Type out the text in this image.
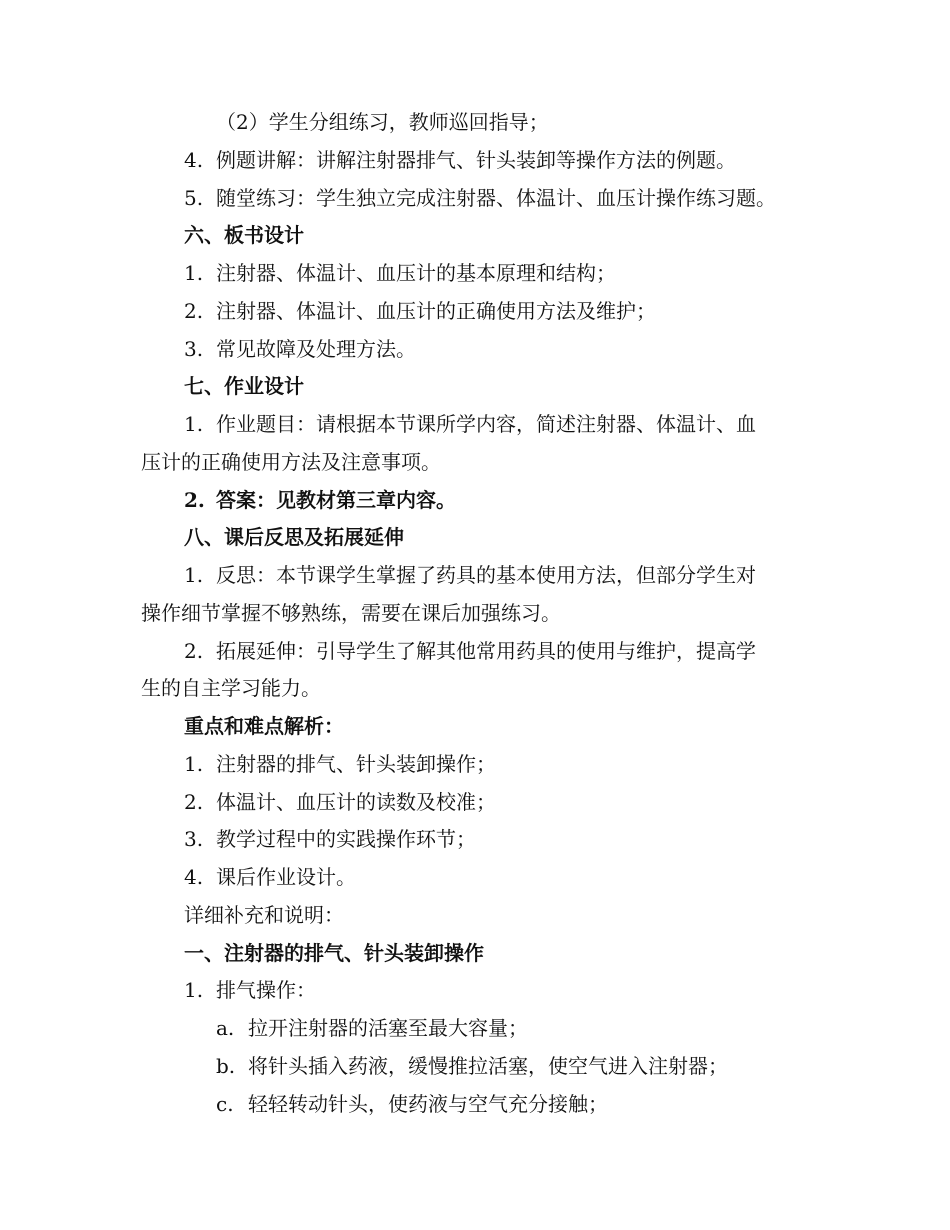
（2）学生分组练习，教师巡回指导；
4. 例题讲解：讲解注射器排气、针头装卸等操作方法的例题。
5. 随堂练习：学生独立完成注射器、体温计、血压计操作练习题。
六、板书设计
1. 注射器、体温计、血压计的基本原理和结构；
2. 注射器、体温计、血压计的正确使用方法及维护；
3. 常见故障及处理方法。
七、作业设计
1. 作业题目：请根据本节课所学内容，简述注射器、体温计、血
压计的正确使用方法及注意事项。
2. 答案：见教材第三章内容。
八、课后反思及拓展延伸
1. 反思：本节课学生掌握了药具的基本使用方法，但部分学生对
操作细节掌握不够熟练，需要在课后加强练习。
2. 拓展延伸：引导学生了解其他常用药具的使用与维护，提高学
生的自主学习能力。
重点和难点解析：
1. 注射器的排气、针头装卸操作；
2. 体温计、血压计的读数及校准；
3. 教学过程中的实践操作环节；
4. 课后作业设计。
详细补充和说明：
一、注射器的排气、针头装卸操作
1. 排气操作：
a. 拉开注射器的活塞至最大容量；
b. 将针头插入药液，缓慢推拉活塞，使空气进入注射器；
c. 轻轻转动针头，使药液与空气充分接触；
